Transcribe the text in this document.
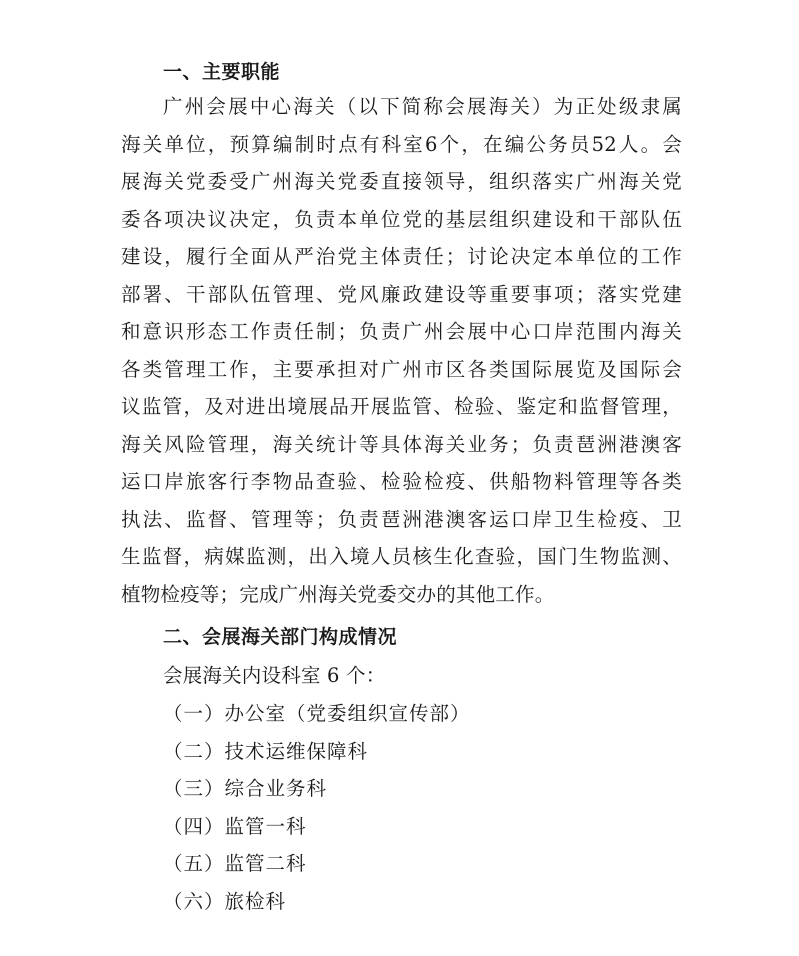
一、主要职能
广州会展中心海关（以下简称会展海关）为正处级隶属
海关单位，预算编制时点有科室6个，在编公务员52人。会
展海关党委受广州海关党委直接领导，组织落实广州海关党
委各项决议决定，负责本单位党的基层组织建设和干部队伍
建设，履行全面从严治党主体责任；讨论决定本单位的工作
部署、干部队伍管理、党风廉政建设等重要事项；落实党建
和意识形态工作责任制；负责广州会展中心口岸范围内海关
各类管理工作，主要承担对广州市区各类国际展览及国际会
议监管，及对进出境展品开展监管、检验、鉴定和监督管理，
海关风险管理，海关统计等具体海关业务；负责琶洲港澳客
运口岸旅客行李物品查验、检验检疫、供船物料管理等各类
执法、监督、管理等；负责琶洲港澳客运口岸卫生检疫、卫
生监督，病媒监测，出入境人员核生化查验，国门生物监测、
植物检疫等；完成广州海关党委交办的其他工作。
二、会展海关部门构成情况
会展海关内设科室 6 个：
（一）办公室（党委组织宣传部）
（二）技术运维保障科
（三）综合业务科
（四）监管一科
（五）监管二科
（六）旅检科
